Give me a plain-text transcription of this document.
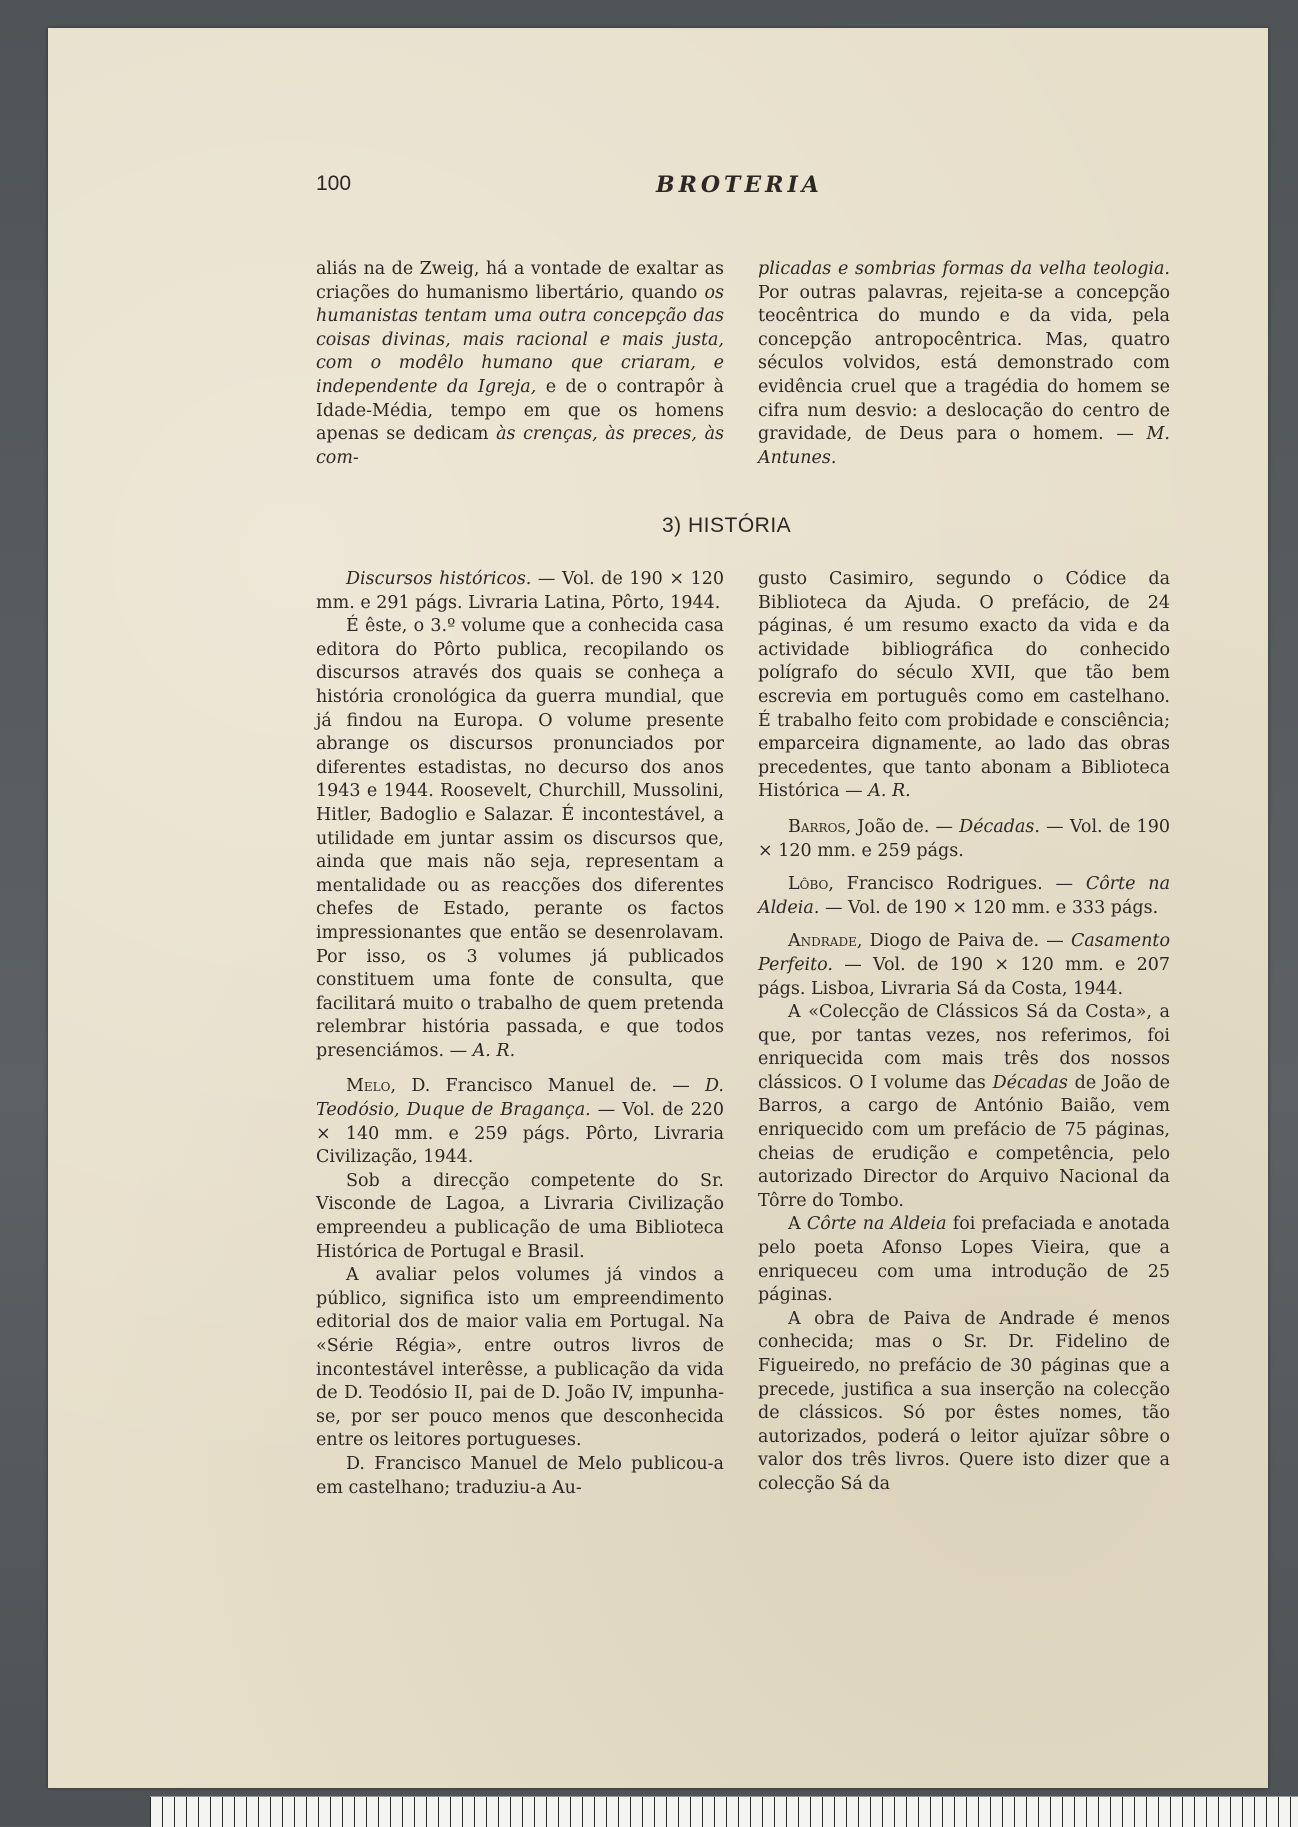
100	BROTERIA

aliás na de Zweig, há a vontade de exaltar as criações do humanismo libertário, quando os humanistas tentam uma outra concepção das coisas divinas, mais racional e mais justa, com o modêlo humano que criaram, e independente da Igreja, e de o contrapôr à Idade-Média, tempo em que os homens apenas se dedicam às crenças, às preces, às com-

plicadas e sombrias formas da velha teologia. Por outras palavras, rejeita-se a concepção teocêntrica do mundo e da vida, pela concepção antropocêntrica. Mas, quatro séculos volvidos, está demonstrado com evidência cruel que a tragédia do homem se cifra num desvio: a deslocação do centro de gravidade, de Deus para o homem. — M. Antunes.

3) HISTÓRIA

Discursos históricos. — Vol. de 190 × 120 mm. e 291 págs. Livraria Latina, Pôrto, 1944.

É êste, o 3.º volume que a conhecida casa editora do Pôrto publica, recopilando os discursos através dos quais se conheça a história cronológica da guerra mundial, que já findou na Europa. O volume presente abrange os discursos pronunciados por diferentes estadistas, no decurso dos anos 1943 e 1944. Roosevelt, Churchill, Mussolini, Hitler, Badoglio e Salazar. É incontestável, a utilidade em juntar assim os discursos que, ainda que mais não seja, representam a mentalidade ou as reacções dos diferentes chefes de Estado, perante os factos impressionantes que então se desenrolavam. Por isso, os 3 volumes já publicados constituem uma fonte de consulta, que facilitará muito o trabalho de quem pretenda relembrar história passada, e que todos presenciámos. — A. R.

Melo, D. Francisco Manuel de. — D. Teodósio, Duque de Bragança. — Vol. de 220 × 140 mm. e 259 págs. Pôrto, Livraria Civilização, 1944.

Sob a direcção competente do Sr. Visconde de Lagoa, a Livraria Civilização empreendeu a publicação de uma Biblioteca Histórica de Portugal e Brasil.

A avaliar pelos volumes já vindos a público, significa isto um empreendimento editorial dos de maior valia em Portugal. Na «Série Régia», entre outros livros de incontestável interêsse, a publicação da vida de D. Teodósio II, pai de D. João IV, impunha-se, por ser pouco menos que desconhecida entre os leitores portugueses.

D. Francisco Manuel de Melo publicou-a em castelhano; traduziu-a Au-

gusto Casimiro, segundo o Códice da Biblioteca da Ajuda. O prefácio, de 24 páginas, é um resumo exacto da vida e da actividade bibliográfica do conhecido polígrafo do século XVII, que tão bem escrevia em português como em castelhano. É trabalho feito com probidade e consciência; emparceira dignamente, ao lado das obras precedentes, que tanto abonam a Biblioteca Histórica — A. R.

Barros, João de. — Décadas. — Vol. de 190 × 120 mm. e 259 págs.

Lôbo, Francisco Rodrigues. — Côrte na Aldeia. — Vol. de 190 × 120 mm. e 333 págs.

Andrade, Diogo de Paiva de. — Casamento Perfeito. — Vol. de 190 × 120 mm. e 207 págs. Lisboa, Livraria Sá da Costa, 1944.

A «Colecção de Clássicos Sá da Costa», a que, por tantas vezes, nos referimos, foi enriquecida com mais três dos nossos clássicos. O I volume das Décadas de João de Barros, a cargo de António Baião, vem enriquecido com um prefácio de 75 páginas, cheias de erudição e competência, pelo autorizado Director do Arquivo Nacional da Tôrre do Tombo.

A Côrte na Aldeia foi prefaciada e anotada pelo poeta Afonso Lopes Vieira, que a enriqueceu com uma introdução de 25 páginas.

A obra de Paiva de Andrade é menos conhecida; mas o Sr. Dr. Fidelino de Figueiredo, no prefácio de 30 páginas que a precede, justifica a sua inserção na colecção de clássicos. Só por êstes nomes, tão autorizados, poderá o leitor ajuïzar sôbre o valor dos três livros. Quere isto dizer que a colecção Sá da
